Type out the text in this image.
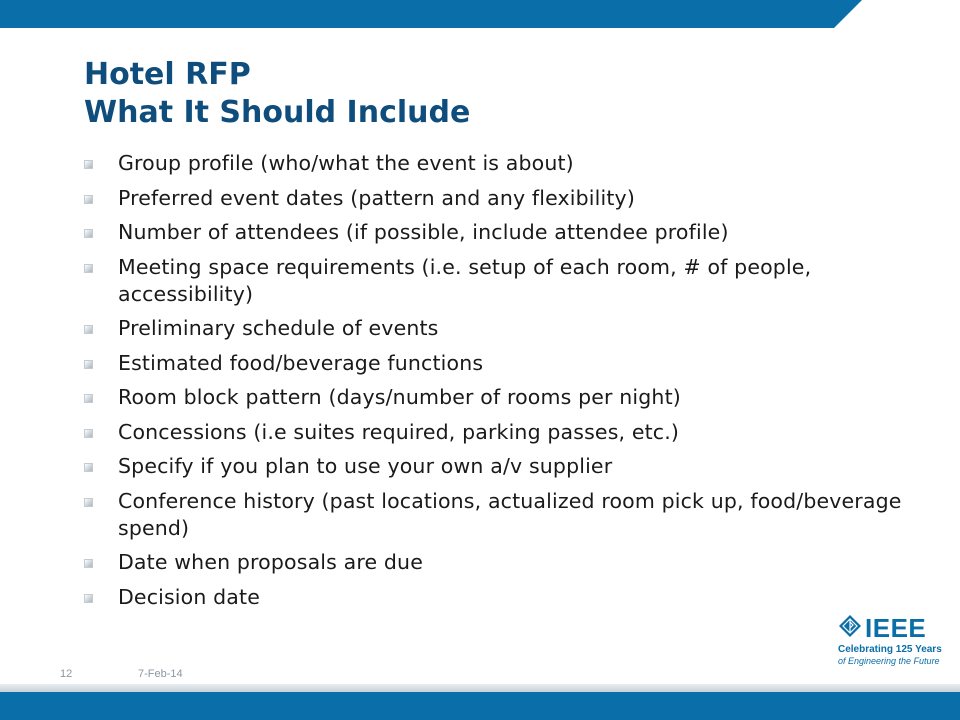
Hotel RFP
What It Should Include
Group profile (who/what the event is about)
Preferred event dates (pattern and any flexibility)
Number of attendees (if possible, include attendee profile)
Meeting space requirements (i.e. setup of each room, # of people, accessibility)
Preliminary schedule of events
Estimated food/beverage functions
Room block pattern (days/number of rooms per night)
Concessions (i.e suites required, parking passes, etc.)
Specify if you plan to use your own a/v supplier
Conference history (past locations, actualized room pick up, food/beverage spend)
Date when proposals are due
Decision date
12	7-Feb-14
IEEE
Celebrating 125 Years
of Engineering the Future
